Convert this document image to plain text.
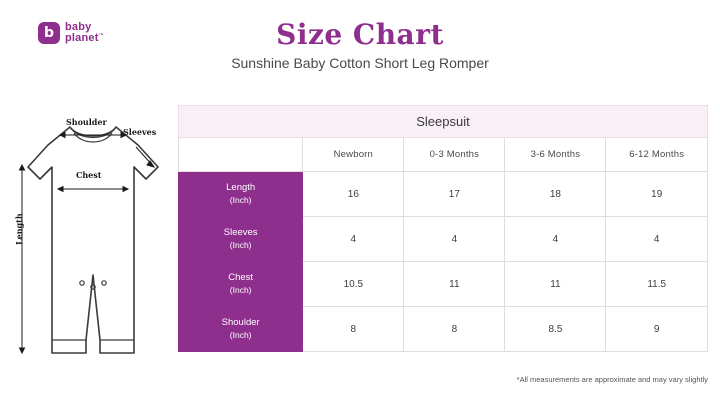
b baby
planet™	Size Chart
Sunshine Baby Cotton Short Leg Romper
Shoulder
Sleeves
Chest
Length
Sleepsuit				
	Newborn	0-3 Months	3-6 Months	6-12 Months
Length
(Inch)	16	17	18	19
Sleeves
(Inch)	4	4	4	4
Chest
(Inch)	10.5	11	11	11.5
Shoulder
(Inch)	8	8	8.5	9
*All measurements are approximate and may vary slightly
